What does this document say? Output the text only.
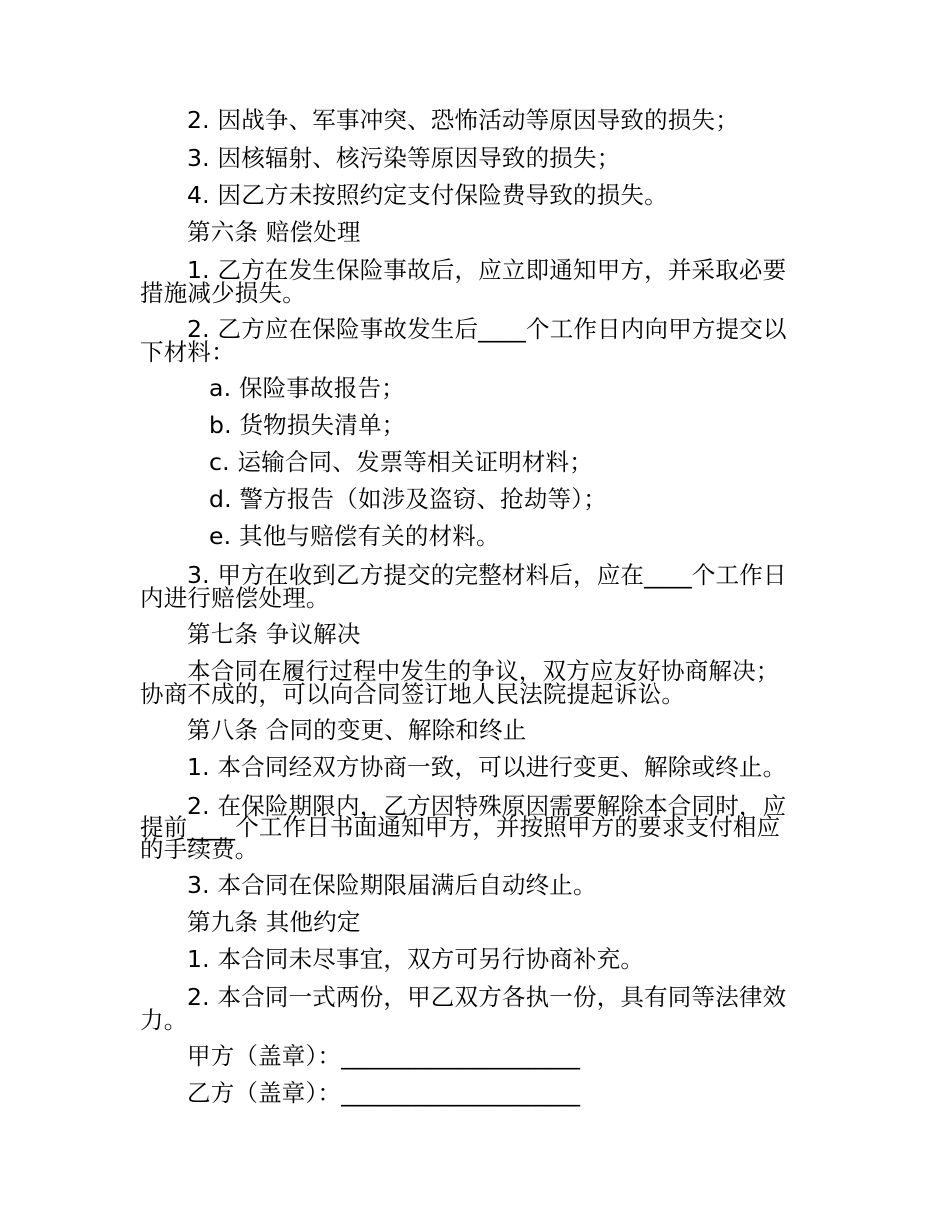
2. 因战争、军事冲突、恐怖活动等原因导致的损失；
3. 因核辐射、核污染等原因导致的损失；
4. 因乙方未按照约定支付保险费导致的损失。
第六条 赔偿处理
1. 乙方在发生保险事故后，应立即通知甲方，并采取必要
措施减少损失。
2. 乙方应在保险事故发生后____个工作日内向甲方提交以
下材料：
a. 保险事故报告；
b. 货物损失清单；
c. 运输合同、发票等相关证明材料；
d. 警方报告（如涉及盗窃、抢劫等）；
e. 其他与赔偿有关的材料。
3. 甲方在收到乙方提交的完整材料后，应在____个工作日
内进行赔偿处理。
第七条 争议解决
本合同在履行过程中发生的争议，双方应友好协商解决；
协商不成的，可以向合同签订地人民法院提起诉讼。
第八条 合同的变更、解除和终止
1. 本合同经双方协商一致，可以进行变更、解除或终止。
2. 在保险期限内，乙方因特殊原因需要解除本合同时，应
提前____个工作日书面通知甲方，并按照甲方的要求支付相应
的手续费。
3. 本合同在保险期限届满后自动终止。
第九条 其他约定
1. 本合同未尽事宜，双方可另行协商补充。
2. 本合同一式两份，甲乙双方各执一份，具有同等法律效
力。
甲方（盖章）：____________________
乙方（盖章）：____________________
